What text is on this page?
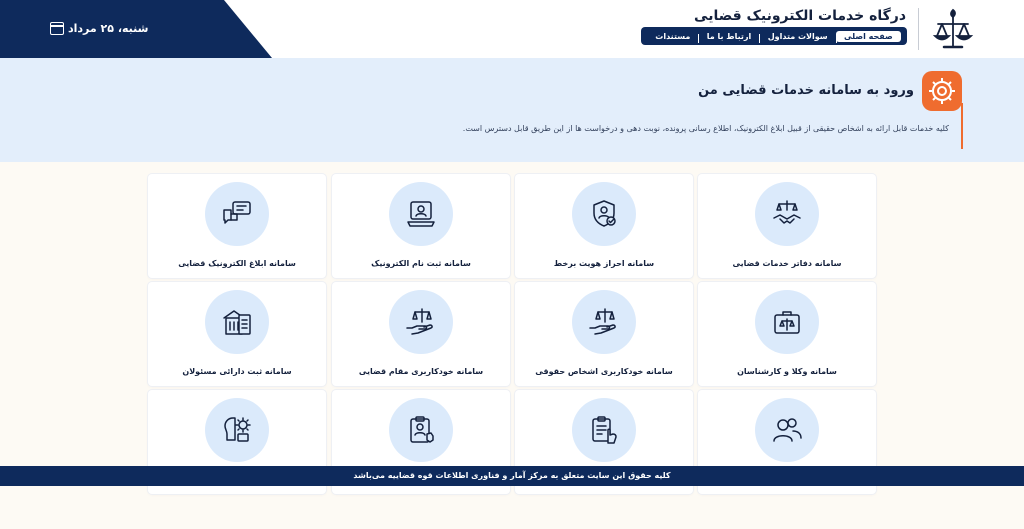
شنبه، ۲۵ مرداد
درگاه خدمات الکترونیک قضایی
صفحه اصلی
سوالات متداول
ارتباط با ما
مستندات
ورود به سامانه خدمات قضایی من
کلیه خدمات قابل ارائه به اشخاص حقیقی از قبیل ابلاغ الکترونیک، اطلاع رسانی پرونده، نوبت دهی و درخواست ها از این طریق قابل دسترس است.
سامانه دفاتر خدمات قضایی
سامانه احراز هویت برخط
سامانه ثبت نام الکترونیک
سامانه ابلاغ الکترونیک قضایی
سامانه وکلا و کارشناسان
سامانه خودکاربری اشخاص حقوقی
سامانه خودکاربری مقام قضایی
سامانه ثبت دارائی مسئولان
کلیه حقوق این سایت متعلق به مرکز آمار و فناوری اطلاعات قوه قضاییه می‌باشد
